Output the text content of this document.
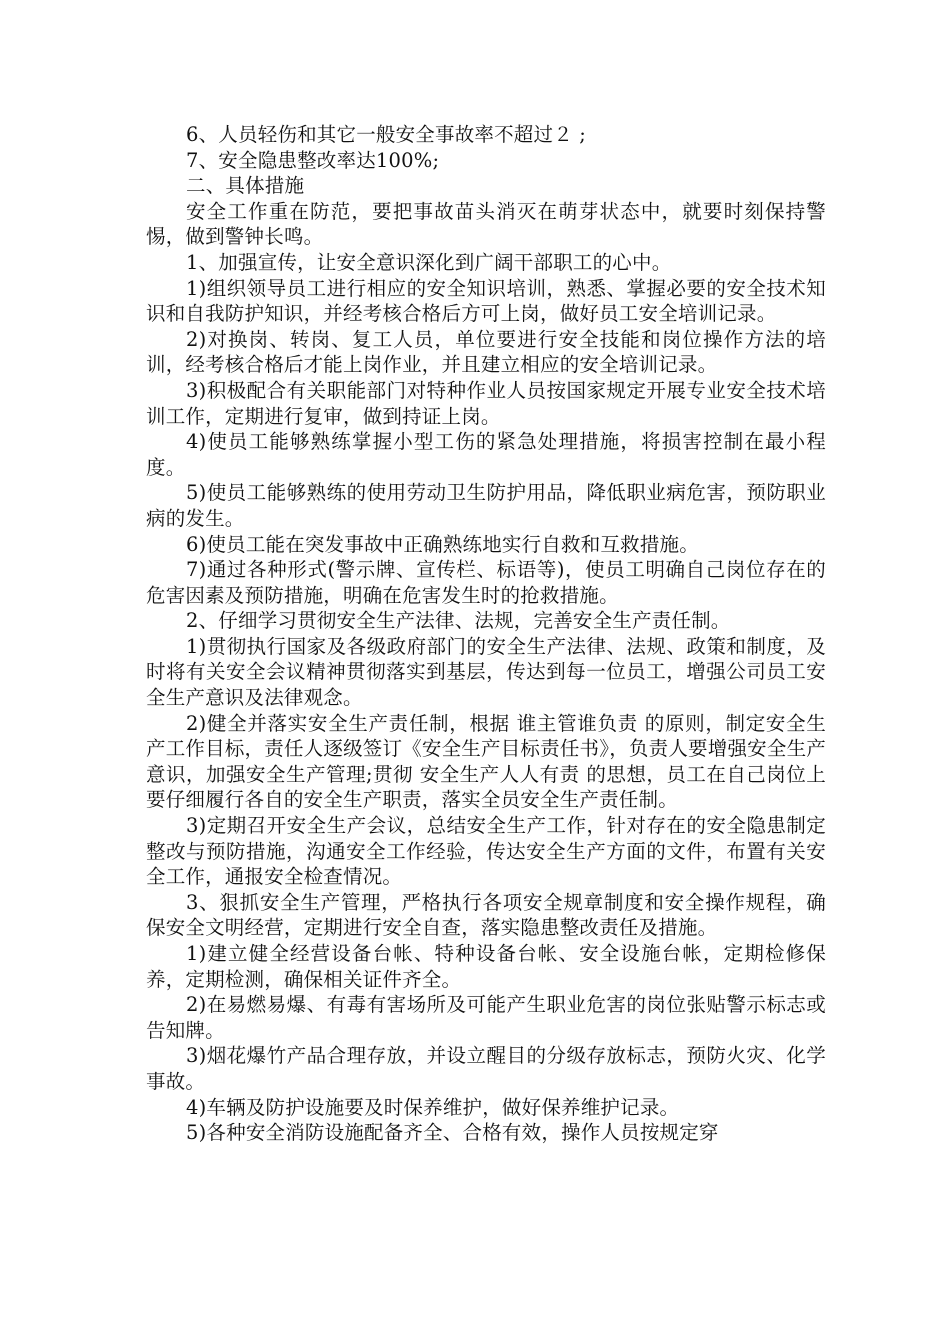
6、人员轻伤和其它一般安全事故率不超过２ ;

7、安全隐患整改率达100%;

二、具体措施

安全工作重在防范，要把事故苗头消灭在萌芽状态中，就要时刻保持警惕，做到警钟长鸣。

1、加强宣传，让安全意识深化到广阔干部职工的心中。

1)组织领导员工进行相应的安全知识培训，熟悉、掌握必要的安全技术知识和自我防护知识，并经考核合格后方可上岗，做好员工安全培训记录。

2)对换岗、转岗、复工人员，单位要进行安全技能和岗位操作方法的培训，经考核合格后才能上岗作业，并且建立相应的安全培训记录。

3)积极配合有关职能部门对特种作业人员按国家规定开展专业安全技术培训工作，定期进行复审，做到持证上岗。

4)使员工能够熟练掌握小型工伤的紧急处理措施，将损害控制在最小程度。

5)使员工能够熟练的使用劳动卫生防护用品，降低职业病危害，预防职业病的发生。

6)使员工能在突发事故中正确熟练地实行自救和互救措施。

7)通过各种形式(警示牌、宣传栏、标语等)，使员工明确自己岗位存在的危害因素及预防措施，明确在危害发生时的抢救措施。

2、仔细学习贯彻安全生产法律、法规，完善安全生产责任制。

1)贯彻执行国家及各级政府部门的安全生产法律、法规、政策和制度，及时将有关安全会议精神贯彻落实到基层，传达到每一位员工，增强公司员工安全生产意识及法律观念。

2)健全并落实安全生产责任制，根据 谁主管谁负责 的原则，制定安全生产工作目标，责任人逐级签订《安全生产目标责任书》，负责人要增强安全生产意识，加强安全生产管理;贯彻 安全生产人人有责 的思想，员工在自己岗位上要仔细履行各自的安全生产职责，落实全员安全生产责任制。

3)定期召开安全生产会议，总结安全生产工作，针对存在的安全隐患制定整改与预防措施，沟通安全工作经验，传达安全生产方面的文件，布置有关安全工作，通报安全检查情况。

3、狠抓安全生产管理，严格执行各项安全规章制度和安全操作规程，确保安全文明经营，定期进行安全自查，落实隐患整改责任及措施。

1)建立健全经营设备台帐、特种设备台帐、安全设施台帐，定期检修保养，定期检测，确保相关证件齐全。

2)在易燃易爆、有毒有害场所及可能产生职业危害的岗位张贴警示标志或告知牌。

3)烟花爆竹产品合理存放，并设立醒目的分级存放标志，预防火灾、化学事故。

4)车辆及防护设施要及时保养维护，做好保养维护记录。

5)各种安全消防设施配备齐全、合格有效，操作人员按规定穿
